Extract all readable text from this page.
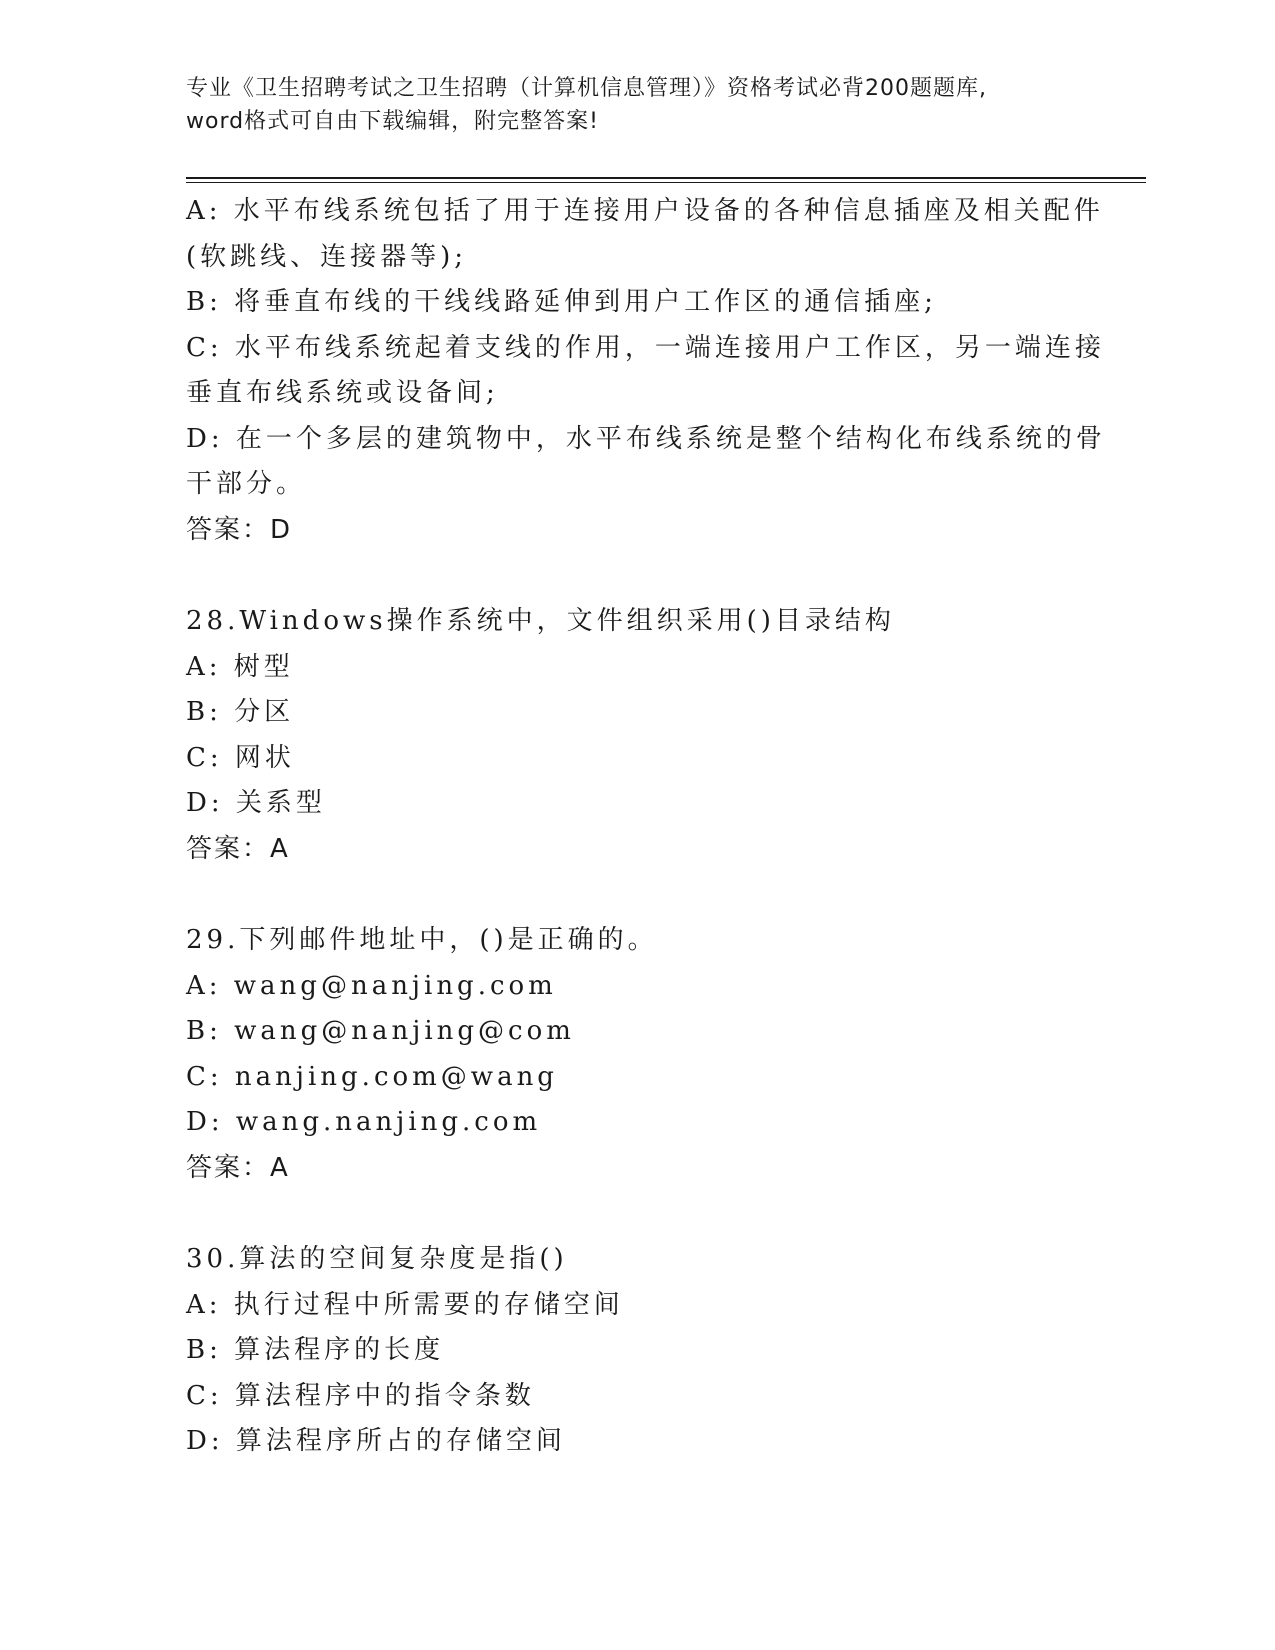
专业《卫生招聘考试之卫生招聘（计算机信息管理）》资格考试必背200题题库,
word格式可自由下载编辑，附完整答案!
A: 水平布线系统包括了用于连接用户设备的各种信息插座及相关配件
(软跳线、连接器等);
B: 将垂直布线的干线线路延伸到用户工作区的通信插座;
C: 水平布线系统起着支线的作用，一端连接用户工作区，另一端连接
垂直布线系统或设备间;
D: 在一个多层的建筑物中，水平布线系统是整个结构化布线系统的骨
干部分。
答案：D
28.Windows操作系统中，文件组织采用()目录结构
A: 树型
B: 分区
C: 网状
D: 关系型
答案：A
29.下列邮件地址中，()是正确的。
A: wang@nanjing.com
B: wang@nanjing@com
C: nanjing.com@wang
D: wang.nanjing.com
答案：A
30.算法的空间复杂度是指()
A: 执行过程中所需要的存储空间
B: 算法程序的长度
C: 算法程序中的指令条数
D: 算法程序所占的存储空间
